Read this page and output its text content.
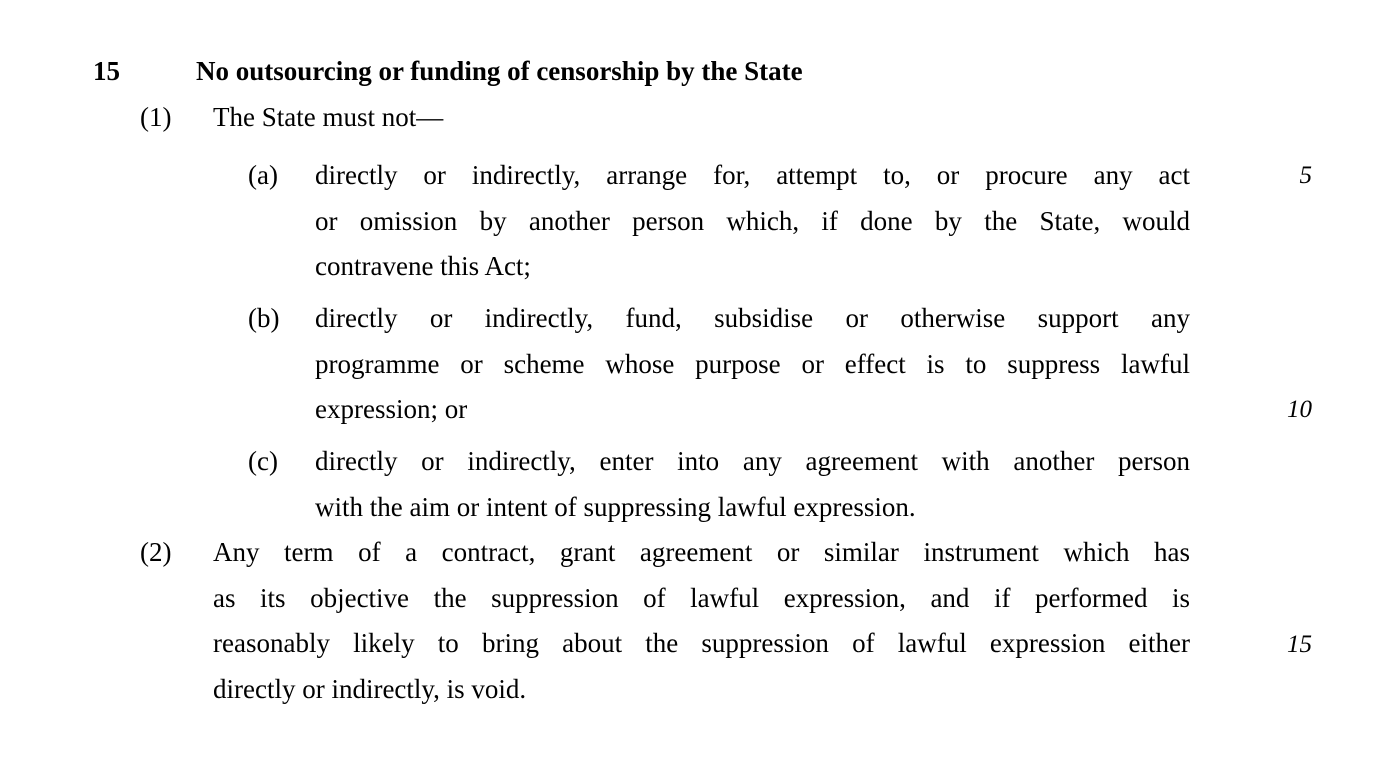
15	No outsourcing or funding of censorship by the State
(1)	The State must not—
(a)	directly or indirectly, arrange for, attempt to, or procure any act
or omission by another person which, if done by the State, would
contravene this Act;
(b)	directly or indirectly, fund, subsidise or otherwise support any
programme or scheme whose purpose or effect is to suppress lawful
expression; or
(c)	directly or indirectly, enter into any agreement with another person
with the aim or intent of suppressing lawful expression.
(2)	Any term of a contract, grant agreement or similar instrument which has
as its objective the suppression of lawful expression, and if performed is
reasonably likely to bring about the suppression of lawful expression either
directly or indirectly, is void.
5
10
15
